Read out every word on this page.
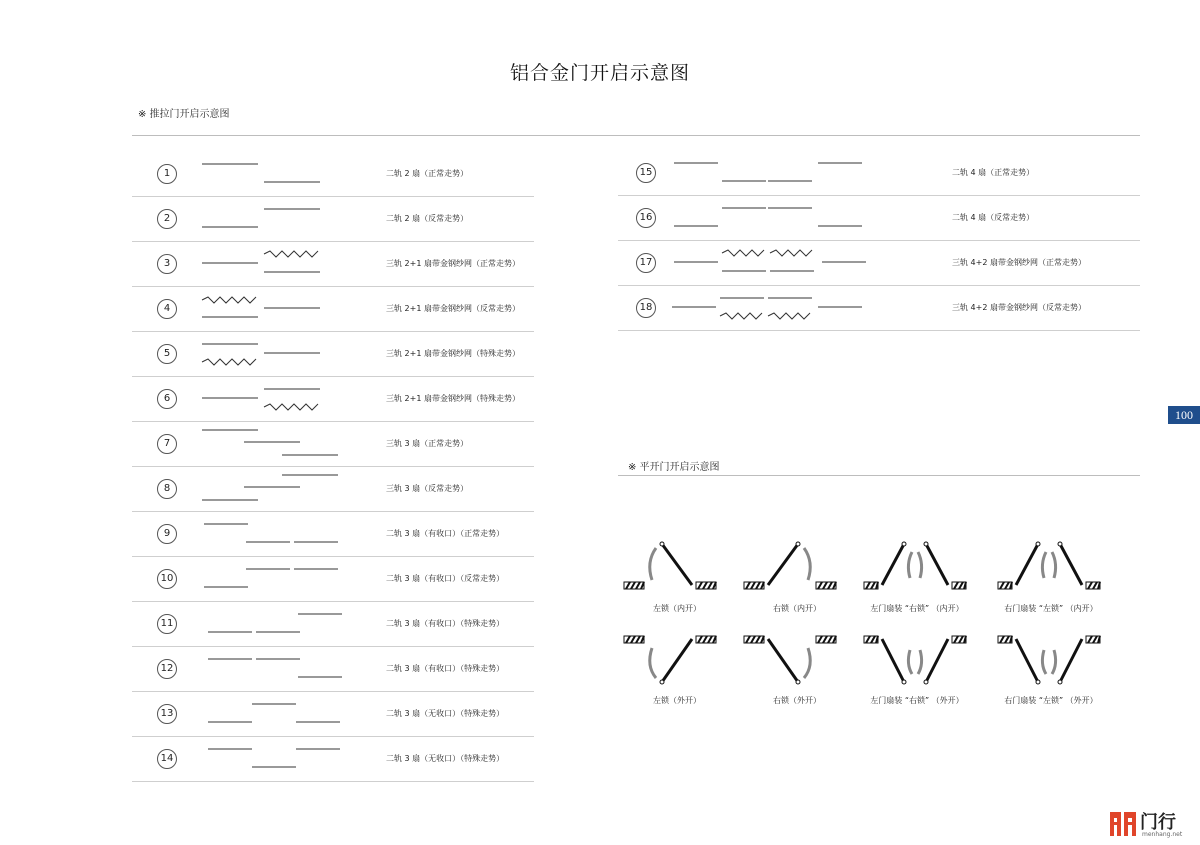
铝合金门开启示意图
※ 推拉门开启示意图
1	二轨 2 扇（正常走势）
2	二轨 2 扇（反常走势）
3	三轨 2+1 扇带金钢纱网（正常走势）
4	三轨 2+1 扇带金钢纱网（反常走势）
5	三轨 2+1 扇带金钢纱网（特殊走势）
6	三轨 2+1 扇带金钢纱网（特殊走势）
7	三轨 3 扇（正常走势）
8	三轨 3 扇（反常走势）
9	二轨 3 扇（有收口）（正常走势）
10	二轨 3 扇（有收口）（反常走势）
11	二轨 3 扇（有收口）（特殊走势）
12	二轨 3 扇（有收口）（特殊走势）
13	二轨 3 扇（无收口）（特殊走势）
14	二轨 3 扇（无收口）（特殊走势）
15	二轨 4 扇（正常走势）
16	二轨 4 扇（反常走势）
17	三轨 4+2 扇带金钢纱网（正常走势）
18	三轨 4+2 扇带金钢纱网（反常走势）
100
※ 平开门开启示意图
左锁（内开）	右锁（内开）	左门扇装 “右锁” （内开）	右门扇装 “左锁” （内开）
左锁（外开）	右锁（外开）	左门扇装 “右锁” （外开）	右门扇装 “左锁” （外开）
门行
menhang.net
